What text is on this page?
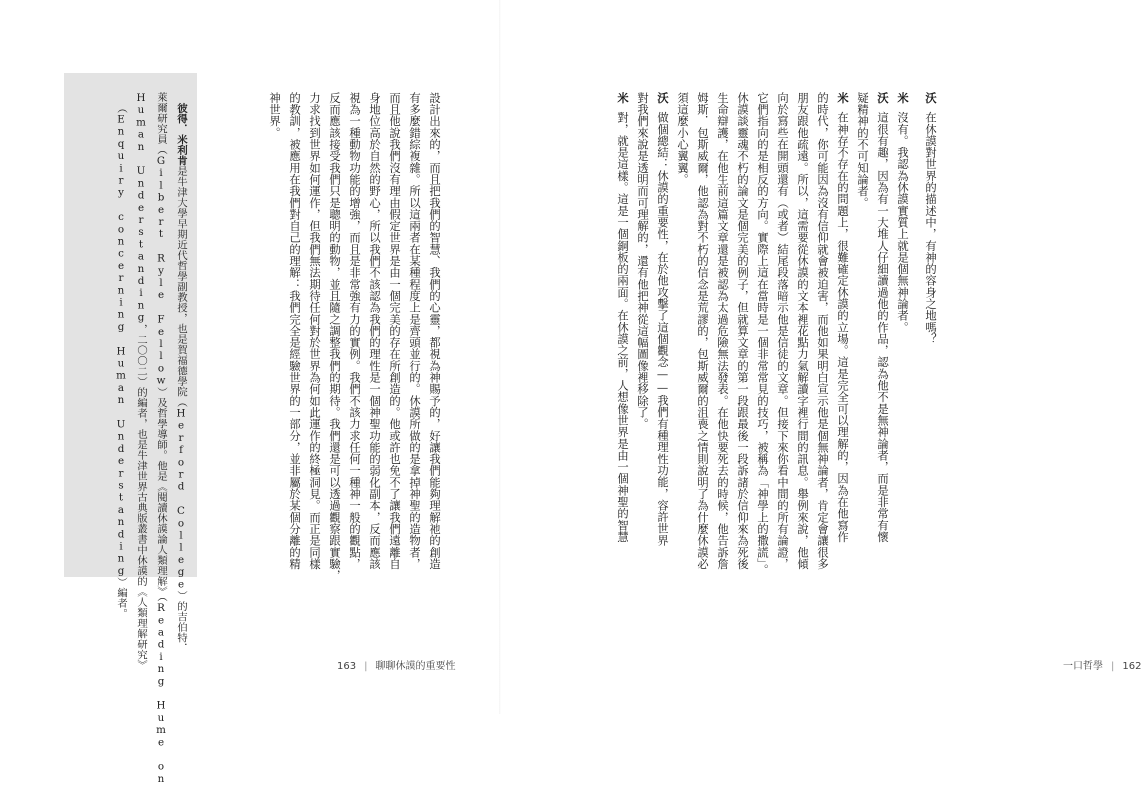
沃在休謨對世界的描述中，有神的容身之地嗎？
米沒有。我認為休謨實質上就是個無神論者。
沃這很有趣，因為有一大堆人仔細讀過他的作品，認為他不是無神論者，而是非常有懷
疑精神的不可知論者。
米在神存不存在的問題上，很難確定休謨的立場。這是完全可以理解的，因為在他寫作
的時代，你可能因為沒有信仰就會被迫害，而他如果明白宣示他是個無神論者，肯定會讓很多
朋友跟他疏遠。所以，這需要從休謨的文本裡花點力氣解讀字裡行間的訊息。舉例來說，他傾
向於寫些在開頭還有（或者）結尾段落暗示他是信徒的文章。但接下來你看中間的所有論證，
它們指向的是相反的方向。實際上這在當時是一個非常常見的技巧，被稱為「神學上的撒謊」。
休謨談靈魂不朽的論文是個完美的例子，但就算文章的第一段跟最後一段訴諸於信仰來為死後
生命辯護，在他生前這篇文章還是被認為太過危險無法發表。在他快要死去的時候，他告訴詹
姆斯．包斯威爾，他認為對不朽的信念是荒謬的，包斯威爾的沮喪之情則說明了為什麼休謨必
須這麼小心翼翼。
沃做個總結：休謨的重要性，在於他攻擊了這個觀念——我們有種理性功能，容許世界
對我們來說是透明而可理解的，還有他把神從這幅圖像裡移除了。
米對，就是這樣。這是一個銅板的兩面。在休謨之前，人想像世界是由一個神聖的智慧
一口哲學 | 162
設計出來的，而且把我們的智慧、我們的心靈，都視為神賜予的，好讓我們能夠理解祂的創造
有多麼錯綜複雜。所以這兩者在某種程度上是齊頭並行的。休謨所做的是拿掉神聖的造物者，
而且他說我們沒有理由假定世界是由一個完美的存在所創造的。他或許也免不了讓我們遠離自
身地位高於自然的野心，所以我們不該認為我們的理性是一個神聖功能的弱化副本，反而應該
視為一種動物功能的增強，而且是非常強有力的實例。我們不該力求任何一種神一般的觀點，
反而應該接受我們只是聰明的動物，並且隨之調整我們的期待。我們還是可以透過觀察跟實驗，
力求找到世界如何運作，但我們無法期待任何對於世界為何如此運作的終極洞見。而正是同樣
的教訓，被應用在我們對自己的理解：我們完全是經驗世界的一部分，並非屬於某個分離的精
神世界。
彼得．米利肯是牛津大學早期近代哲學副教授，也是賀福德學院（Herford College）的吉伯特．
萊爾研究員（Gilbert Ryle Fellow）及哲學導師。他是《閱讀休謨論人類理解》（Reading Hume on
Human Understanding，二〇〇二）的編者，也是牛津世界古典版叢書中休謨的《人類理解研究》
（Enquiry concerning Human Understanding）編者。
163 | 聊聊休謨的重要性
